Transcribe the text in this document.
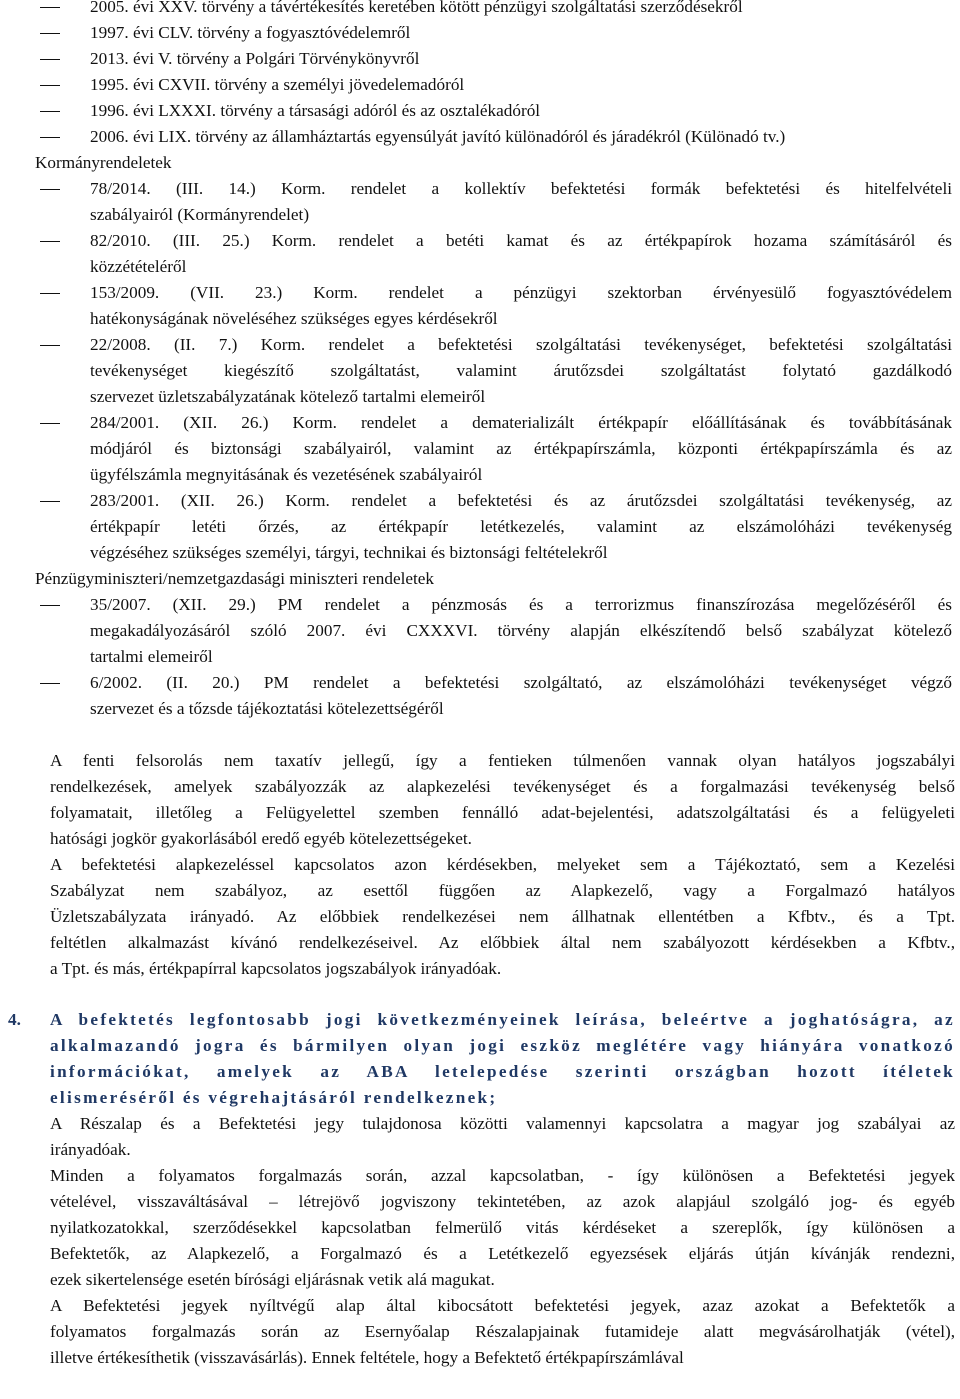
2005. évi XXV. törvény a távértékesítés keretében kötött pénzügyi szolgáltatási szerződésekről
1997. évi CLV. törvény a fogyasztóvédelemről
2013. évi V. törvény a Polgári Törvénykönyvről
1995. évi CXVII. törvény a személyi jövedelemadóról
1996. évi LXXXI. törvény a társasági adóról és az osztalékadóról
2006. évi LIX. törvény az államháztartás egyensúlyát javító különadóról és járadékról (Különadó tv.)
Kormányrendeletek
78/2014. (III. 14.) Korm. rendelet a kollektív befektetési formák befektetési és hitelfelvételi
szabályairól (Kormányrendelet)
82/2010. (III. 25.) Korm. rendelet a betéti kamat és az értékpapírok hozama számításáról és
közzétételéről
153/2009. (VII. 23.) Korm. rendelet a pénzügyi szektorban érvényesülő fogyasztóvédelem
hatékonyságának növeléséhez szükséges egyes kérdésekről
22/2008. (II. 7.) Korm. rendelet a befektetési szolgáltatási tevékenységet, befektetési szolgáltatási
tevékenységet kiegészítő szolgáltatást, valamint árutőzsdei szolgáltatást folytató gazdálkodó
szervezet üzletszabályzatának kötelező tartalmi elemeiről
284/2001. (XII. 26.) Korm. rendelet a dematerializált értékpapír előállításának és továbbításának
módjáról és biztonsági szabályairól, valamint az értékpapírszámla, központi értékpapírszámla és az
ügyfélszámla megnyitásának és vezetésének szabályairól
283/2001. (XII. 26.) Korm. rendelet a befektetési és az árutőzsdei szolgáltatási tevékenység, az
értékpapír letéti őrzés, az értékpapír letétkezelés, valamint az elszámolóházi tevékenység
végzéséhez szükséges személyi, tárgyi, technikai és biztonsági feltételekről
Pénzügyminiszteri/nemzetgazdasági miniszteri rendeletek
35/2007. (XII. 29.) PM rendelet a pénzmosás és a terrorizmus finanszírozása megelőzéséről és
megakadályozásáról szóló 2007. évi CXXXVI. törvény alapján elkészítendő belső szabályzat kötelező
tartalmi elemeiről
6/2002. (II. 20.) PM rendelet a befektetési szolgáltató, az elszámolóházi tevékenységet végző
szervezet és a tőzsde tájékoztatási kötelezettségéről
A fenti felsorolás nem taxatív jellegű, így a fentieken túlmenően vannak olyan hatályos jogszabályi
rendelkezések, amelyek szabályozzák az alapkezelési tevékenységet és a forgalmazási tevékenység belső
folyamatait, illetőleg a Felügyelettel szemben fennálló adat-bejelentési, adatszolgáltatási és a felügyeleti
hatósági jogkör gyakorlásából eredő egyéb kötelezettségeket.
A befektetési alapkezeléssel kapcsolatos azon kérdésekben, melyeket sem a Tájékoztató, sem a Kezelési
Szabályzat nem szabályoz, az esettől függően az Alapkezelő, vagy a Forgalmazó hatályos
Üzletszabályzata irányadó. Az előbbiek rendelkezései nem állhatnak ellentétben a Kfbtv., és a Tpt.
feltétlen alkalmazást kívánó rendelkezéseivel. Az előbbiek által nem szabályozott kérdésekben a Kfbtv.,
a Tpt. és más, értékpapírral kapcsolatos jogszabályok irányadóak.
4. A befektetés legfontosabb jogi következményeinek leírása, beleértve a joghatóságra, az
alkalmazandó jogra és bármilyen olyan jogi eszköz meglétére vagy hiányára vonatkozó
információkat, amelyek az ABA letelepedése szerinti országban hozott ítéletek
elismeréséről és végrehajtásáról rendelkeznek;
A Részalap és a Befektetési jegy tulajdonosa közötti valamennyi kapcsolatra a magyar jog szabályai az
irányadóak.
Minden a folyamatos forgalmazás során, azzal kapcsolatban, - így különösen a Befektetési jegyek
vételével, visszaváltásával – létrejövő jogviszony tekintetében, az azok alapjául szolgáló jog- és egyéb
nyilatkozatokkal, szerződésekkel kapcsolatban felmerülő vitás kérdéseket a szereplők, így különösen a
Befektetők, az Alapkezelő, a Forgalmazó és a Letétkezelő egyezsések eljárás útján kívánják rendezni,
ezek sikertelensége esetén bírósági eljárásnak vetik alá magukat.
A Befektetési jegyek nyíltvégű alap által kibocsátott befektetési jegyek, azaz azokat a Befektetők a
folyamatos forgalmazás során az Esernyőalap Részalapjainak futamideje alatt megvásárolhatják (vétel),
illetve értékesíthetik (visszavásárlás). Ennek feltétele, hogy a Befektető értékpapírszámlával
